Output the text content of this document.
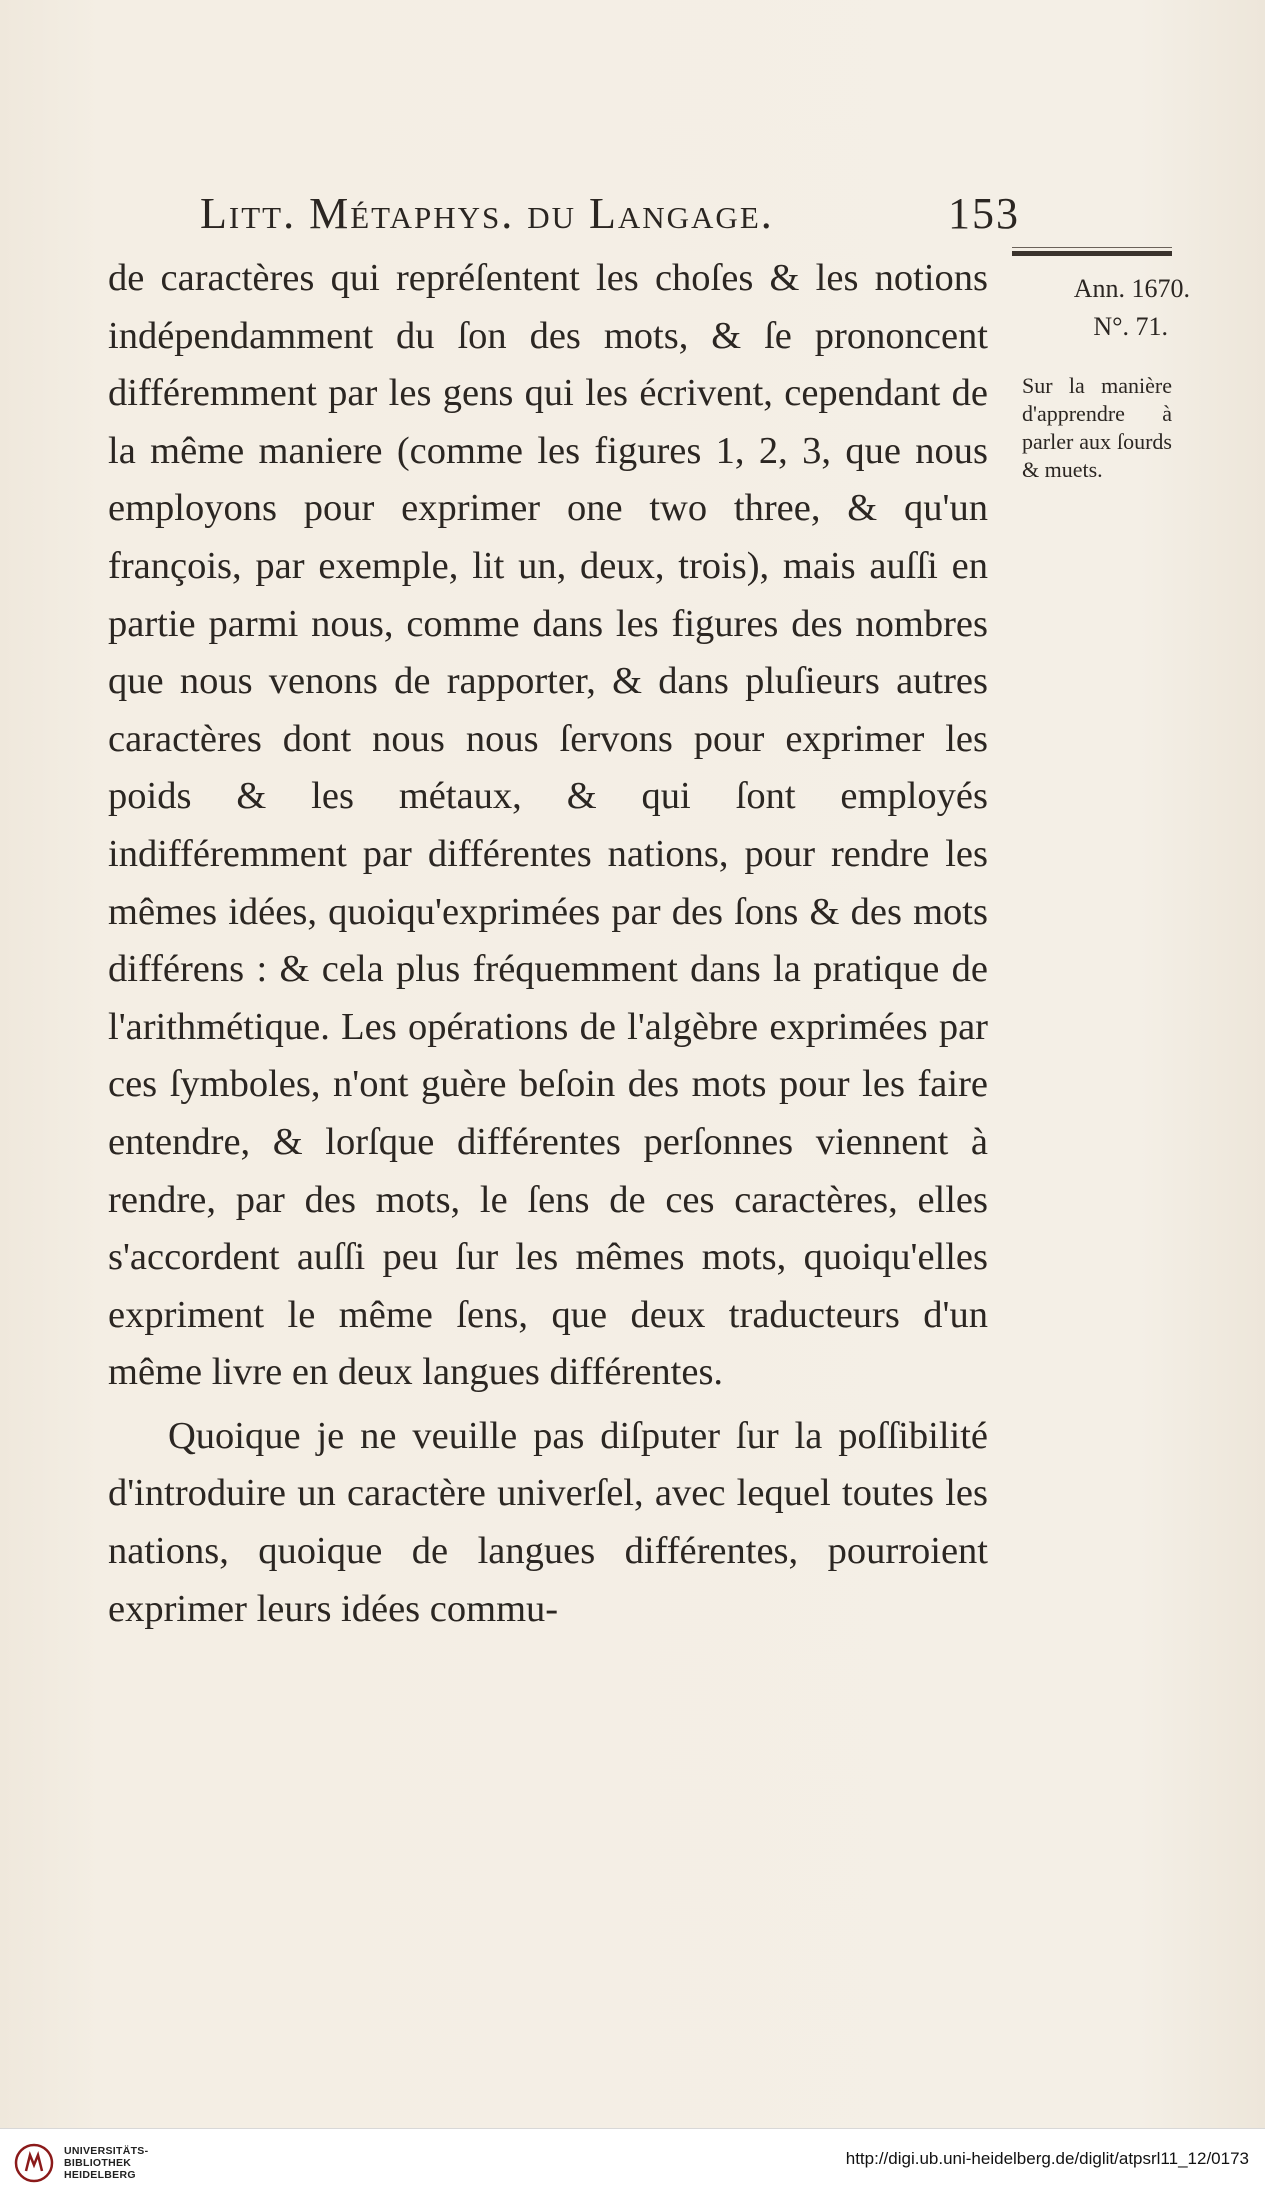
Litt. Métaphys. du Langage.	153
Ann. 1670.
N°. 71.
Sur la manière d'apprendre à parler aux ſourds & muets.

de caractères qui repréſentent les choſes & les notions indépendamment du ſon des mots, & ſe prononcent différemment par les gens qui les écrivent, cependant de la même maniere (comme les figures 1, 2, 3, que nous employons pour exprimer one two three, & qu'un françois, par exemple, lit un, deux, trois), mais auſſi en partie parmi nous, comme dans les figures des nombres que nous venons de rapporter, & dans pluſieurs autres caractères dont nous nous ſervons pour exprimer les poids & les métaux, & qui ſont employés indifféremment par différentes nations, pour rendre les mêmes idées, quoiqu'exprimées par des ſons & des mots différens : & cela plus fréquemment dans la pratique de l'arithmétique. Les opérations de l'algèbre exprimées par ces ſymboles, n'ont guère beſoin des mots pour les faire entendre, & lorſque différentes perſonnes viennent à rendre, par des mots, le ſens de ces caractères, elles s'accordent auſſi peu ſur les mêmes mots, quoiqu'elles expriment le même ſens, que deux traducteurs d'un même livre en deux langues différentes.

Quoique je ne veuille pas diſputer ſur la poſſibilité d'introduire un caractère univerſel, avec lequel toutes les nations, quoique de langues différentes, pourroient exprimer leurs idées commu-

UNIVERSITÄTS-
BIBLIOTHEK
HEIDELBERG
http://digi.ub.uni-heidelberg.de/diglit/atpsrl11_12/0173
